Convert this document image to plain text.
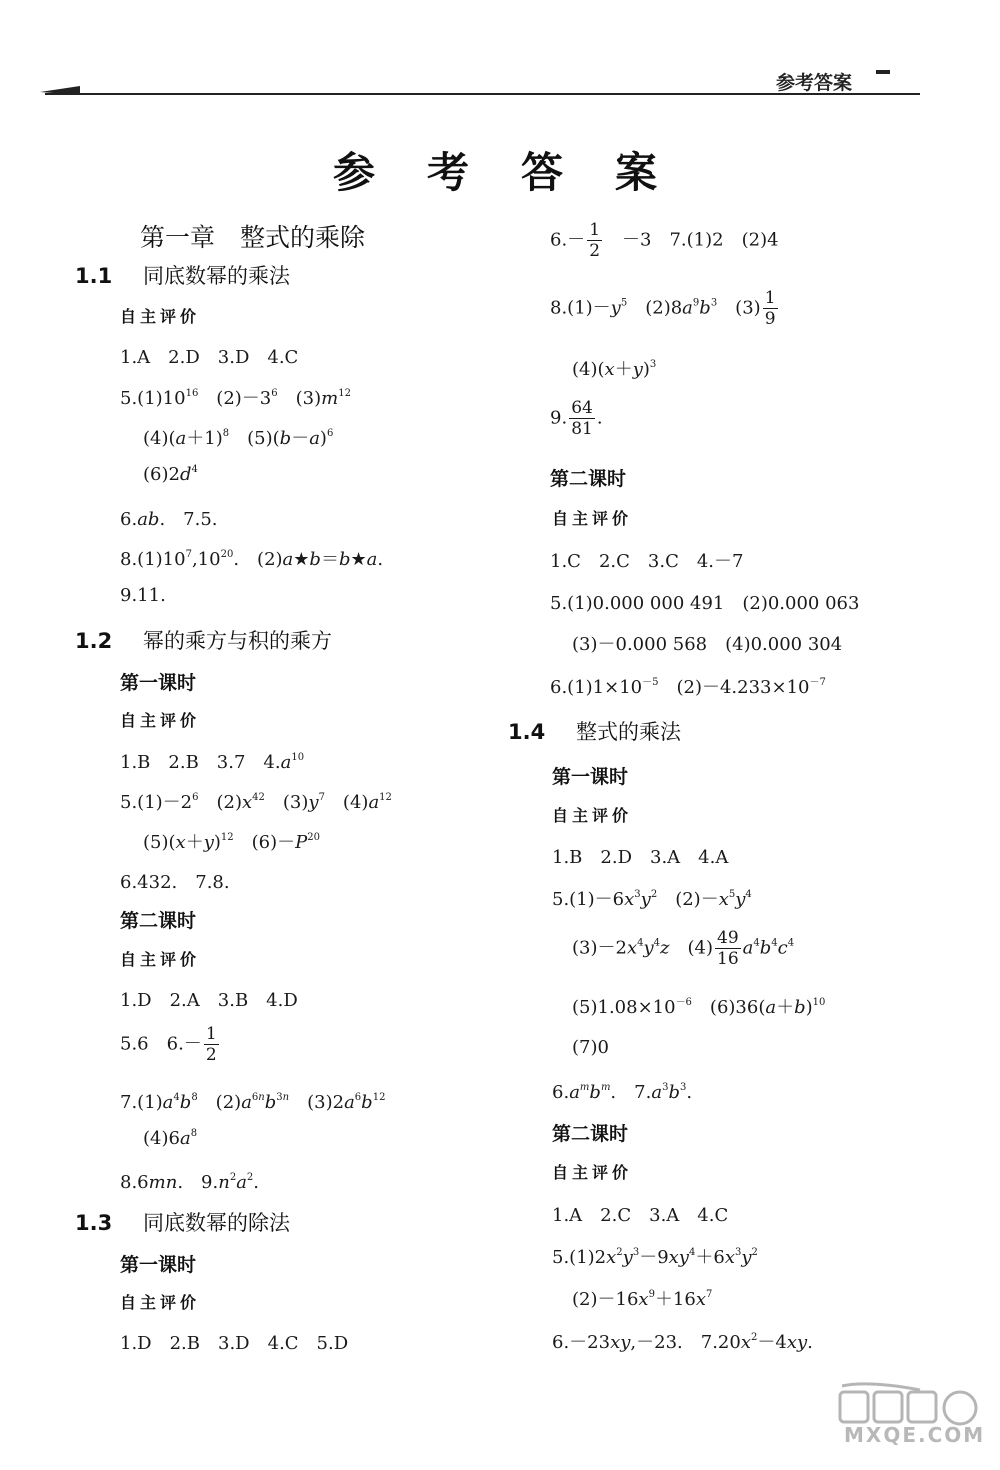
参考答案
参考答案
第一章　整式的乘除
1.1 同底数幂的乘法
自主评价
1.A　2.D　3.D　4.C
$5.(1)10^{16}$　$(2)-3^6$　$(3)m^{12}$
$(4)(a+1)^8$　$(5)(b-a)^6$
$(6)2d^4$
6.ab.　7.5.
$8.(1)10^7,10^{20}$.　(2)a★b＝b★a.
9.11.
1.2 幂的乘方与积的乘方
第一课时
自主评价
1.B　2.B　3.7　$4.a^{10}$
$5.(1)-2^6$　$(2)x^{42}$　$(3)y^7$　$(4)a^{12}$
$(5)(x+y)^{12}$　$(6)-P^{20}$
6.432.　7.8.
第二课时
自主评价
1.D　2.A　3.B　4.D
5.6　$6.- \frac{1}{2}$
$7.(1)a^4b^8$　$(2)a^{6n}b^{3n}$　$(3)2a^6b^{12}$
$(4)6a^8$
8.6mn.　$9.n^2a^2$.
1.3 同底数幂的除法
第一课时
自主评价
1.D　2.B　3.D　4.C　5.D
$6.- \frac{1}{2}$ 　－3　7.(1)2　(2)4
$8.(1)-y^5$　$(2)8a^9b^3$　$(3) \frac{1}{9}$
$(4)(x+y)^3$
9. $\frac{64}{81}$ .
第二课时
自主评价
1.C　2.C　3.C　4.－7
5.(1)0.000 000 491　(2)0.000 063
(3)－0.000 568　(4)0.000 304
$6.(1)1\times 10^{-5}$　$(2)-4.233\times 10^{-7}$
1.4 整式的乘法
第一课时
自主评价
1.B　2.D　3.A　4.A
$5.(1)-6x^3y^2$　$(2)-x^5y^4$
$(3)-2x^4y^4z$　$(4) \frac{49}{16} a^4b^4c^4$
$(5)1.08\times 10^{-6}$　$(6)36(a+b)^{10}$
(7)0
$6.a^mb^m$.　$7.a^3b^3$.
第二课时
自主评价
1.A　2.C　3.A　4.C
$5.(1)2x^2y^3-9xy^4+6x^3y^2$
$(2)-16x^9+16x^7$
6.－23xy,－23.　$7.20x^2-4xy$.
MXQE.COM
